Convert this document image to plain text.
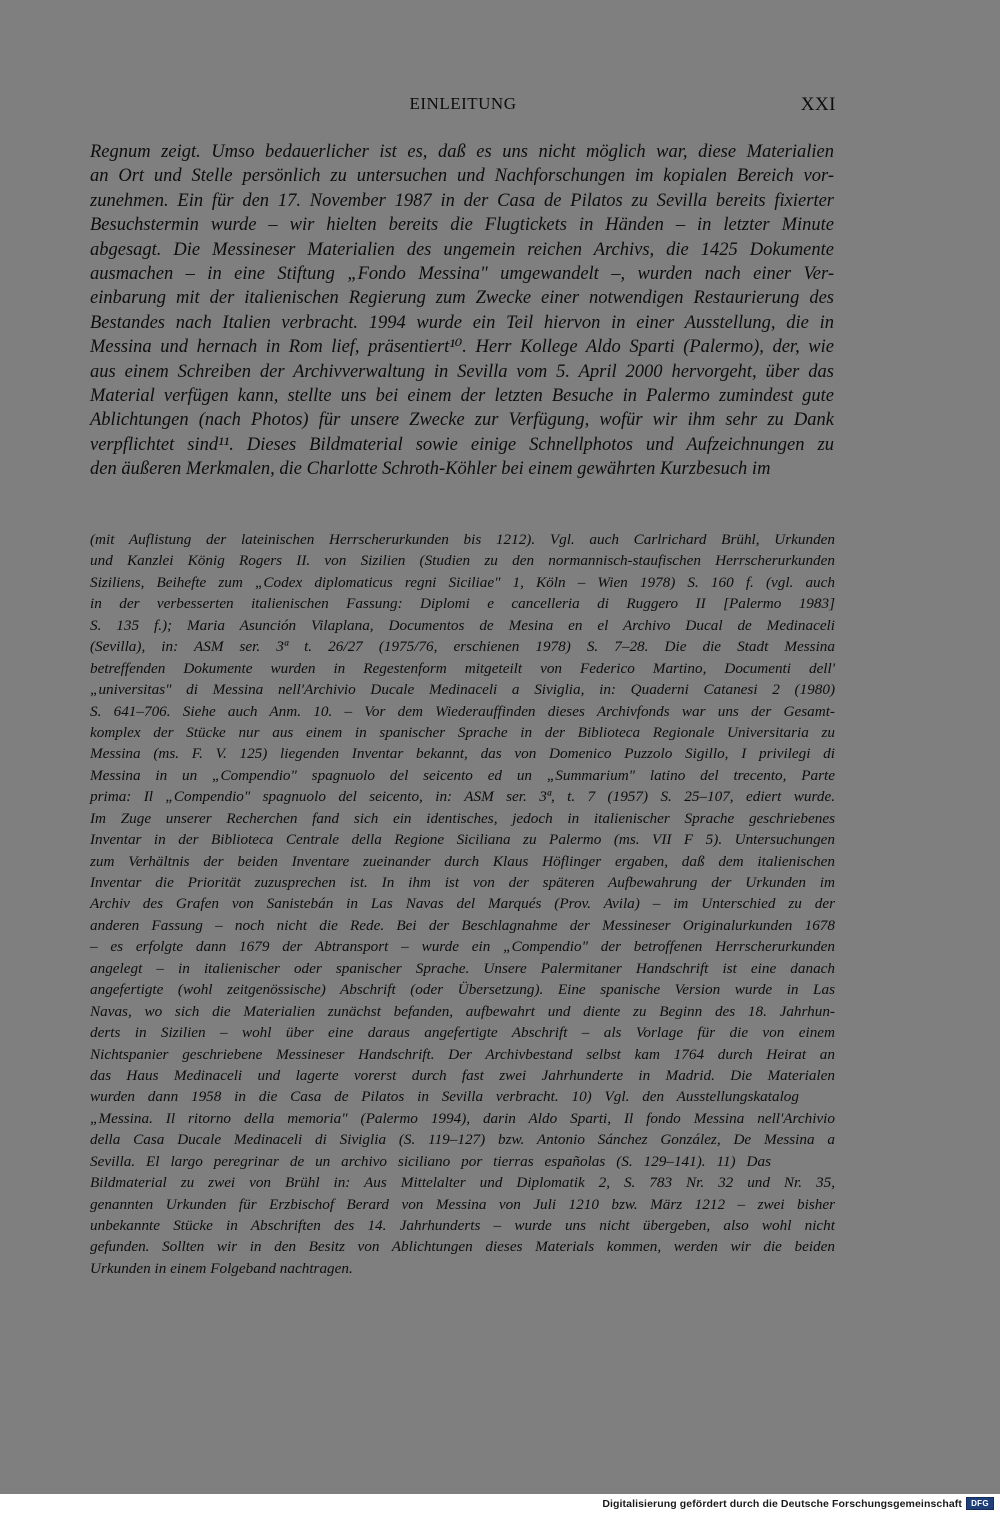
EINLEITUNG	XXI
Regnum zeigt. Umso bedauerlicher ist es, daß es uns nicht möglich war, diese Materialien
an Ort und Stelle persönlich zu untersuchen und Nachforschungen im kopialen Bereich vor-
zunehmen. Ein für den 17. November 1987 in der Casa de Pilatos zu Sevilla bereits fixierter
Besuchstermin wurde – wir hielten bereits die Flugtickets in Händen – in letzter Minute
abgesagt. Die Messineser Materialien des ungemein reichen Archivs, die 1425 Dokumente
ausmachen – in eine Stiftung „Fondo Messina" umgewandelt –, wurden nach einer Ver-
einbarung mit der italienischen Regierung zum Zwecke einer notwendigen Restaurierung des
Bestandes nach Italien verbracht. 1994 wurde ein Teil hiervon in einer Ausstellung, die in
Messina und hernach in Rom lief, präsentiert¹⁰. Herr Kollege Aldo Sparti (Palermo), der, wie
aus einem Schreiben der Archivverwaltung in Sevilla vom 5. April 2000 hervorgeht, über das
Material verfügen kann, stellte uns bei einem der letzten Besuche in Palermo zumindest gute
Ablichtungen (nach Photos) für unsere Zwecke zur Verfügung, wofür wir ihm sehr zu Dank
verpflichtet sind¹¹. Dieses Bildmaterial sowie einige Schnellphotos und Aufzeichnungen zu
den äußeren Merkmalen, die Charlotte Schroth-Köhler bei einem gewährten Kurzbesuch im
(mit Auflistung der lateinischen Herrscherurkunden bis 1212). Vgl. auch Carlrichard Brühl, Urkunden
und Kanzlei König Rogers II. von Sizilien (Studien zu den normannisch-staufischen Herrscherurkunden
Siziliens, Beihefte zum „Codex diplomaticus regni Siciliae" 1, Köln – Wien 1978) S. 160 f. (vgl. auch
in der verbesserten italienischen Fassung: Diplomi e cancelleria di Ruggero II [Palermo 1983]
S. 135 f.); Maria Asunción Vilaplana, Documentos de Mesina en el Archivo Ducal de Medinaceli
(Sevilla), in: ASM ser. 3ª t. 26/27 (1975/76, erschienen 1978) S. 7–28. Die die Stadt Messina
betreffenden Dokumente wurden in Regestenform mitgeteilt von Federico Martino, Documenti dell'
„universitas" di Messina nell'Archivio Ducale Medinaceli a Siviglia, in: Quaderni Catanesi 2 (1980)
S. 641–706. Siehe auch Anm. 10. – Vor dem Wiederauffinden dieses Archivfonds war uns der Gesamt-
komplex der Stücke nur aus einem in spanischer Sprache in der Biblioteca Regionale Universitaria zu
Messina (ms. F. V. 125) liegenden Inventar bekannt, das von Domenico Puzzolo Sigillo, I privilegi di
Messina in un „Compendio" spagnuolo del seicento ed un „Summarium" latino del trecento, Parte
prima: Il „Compendio" spagnuolo del seicento, in: ASM ser. 3ª, t. 7 (1957) S. 25–107, ediert wurde.
Im Zuge unserer Recherchen fand sich ein identisches, jedoch in italienischer Sprache geschriebenes
Inventar in der Biblioteca Centrale della Regione Siciliana zu Palermo (ms. VII F 5). Untersuchungen
zum Verhältnis der beiden Inventare zueinander durch Klaus Höflinger ergaben, daß dem italienischen
Inventar die Priorität zuzusprechen ist. In ihm ist von der späteren Aufbewahrung der Urkunden im
Archiv des Grafen von Sanistebán in Las Navas del Marqués (Prov. Avila) – im Unterschied zu der
anderen Fassung – noch nicht die Rede. Bei der Beschlagnahme der Messineser Originalurkunden 1678
– es erfolgte dann 1679 der Abtransport – wurde ein „Compendio" der betroffenen Herrscherurkunden
angelegt – in italienischer oder spanischer Sprache. Unsere Palermitaner Handschrift ist eine danach
angefertigte (wohl zeitgenössische) Abschrift (oder Übersetzung). Eine spanische Version wurde in Las
Navas, wo sich die Materialien zunächst befanden, aufbewahrt und diente zu Beginn des 18. Jahrhun-
derts in Sizilien – wohl über eine daraus angefertigte Abschrift – als Vorlage für die von einem
Nichtspanier geschriebene Messineser Handschrift. Der Archivbestand selbst kam 1764 durch Heirat an
das Haus Medinaceli und lagerte vorerst durch fast zwei Jahrhunderte in Madrid. Die Materialen
wurden dann 1958 in die Casa de Pilatos in Sevilla verbracht. 10) Vgl. den Ausstellungskatalog
„Messina. Il ritorno della memoria" (Palermo 1994), darin Aldo Sparti, Il fondo Messina nell'Archivio
della Casa Ducale Medinaceli di Siviglia (S. 119–127) bzw. Antonio Sánchez González, De Messina a
Sevilla. El largo peregrinar de un archivo siciliano por tierras españolas (S. 129–141). 11) Das
Bildmaterial zu zwei von Brühl in: Aus Mittelalter und Diplomatik 2, S. 783 Nr. 32 und Nr. 35,
genannten Urkunden für Erzbischof Berard von Messina von Juli 1210 bzw. März 1212 – zwei bisher
unbekannte Stücke in Abschriften des 14. Jahrhunderts – wurde uns nicht übergeben, also wohl nicht
gefunden. Sollten wir in den Besitz von Ablichtungen dieses Materials kommen, werden wir die beiden
Urkunden in einem Folgeband nachtragen.
Digitalisierung gefördert durch die Deutsche Forschungsgemeinschaft	DFG
